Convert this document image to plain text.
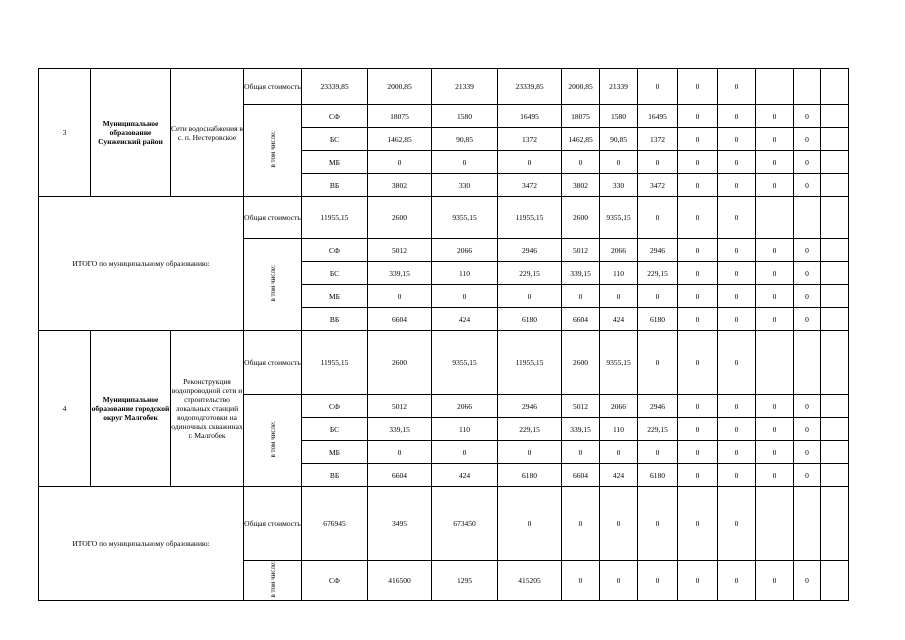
3	Муниципальное образование Сунженский район	Сети водоснабжения в с. п. Нестеровское	Общая стоимость	23339,85	2000,85	21339	23339,85	2000,85	21339	0	0	0			
			в том числе:	СФ	18075	1580	16495	18075	1580	16495	0	0	0	0	
				БС	1462,85	90,85	1372	1462,85	90,85	1372	0	0	0	0	
				МБ	0	0	0	0	0	0	0	0	0	0	
				ВБ	3802	330	3472	3802	330	3472	0	0	0	0	
ИТОГО по муниципальному образованию:			Общая стоимость	11955,15	2600	9355,15	11955,15	2600	9355,15	0	0	0			
			в том числе:	СФ	5012	2066	2946	5012	2066	2946	0	0	0	0	
				БС	339,15	110	229,15	339,15	110	229,15	0	0	0	0	
				МБ	0	0	0	0	0	0	0	0	0	0	
				ВБ	6604	424	6180	6604	424	6180	0	0	0	0	
4	Муниципальное образование городской округ Малгобек	Реконструкция водопроводной сети и строительство локальных станций водоподготовки на одиночных скважинах г. Малгобек	Общая стоимость	11955,15	2600	9355,15	11955,15	2600	9355,15	0	0	0			
			в том числе:	СФ	5012	2066	2946	5012	2066	2946	0	0	0	0	
				БС	339,15	110	229,15	339,15	110	229,15	0	0	0	0	
				МБ	0	0	0	0	0	0	0	0	0	0	
				ВБ	6604	424	6180	6604	424	6180	0	0	0	0	
ИТОГО по муниципальному образованию:			Общая стоимость	676945	3495	673450	0	0	0	0	0	0			
			в том числе:	СФ	416500	1295	415205	0	0	0	0	0	0	0	
